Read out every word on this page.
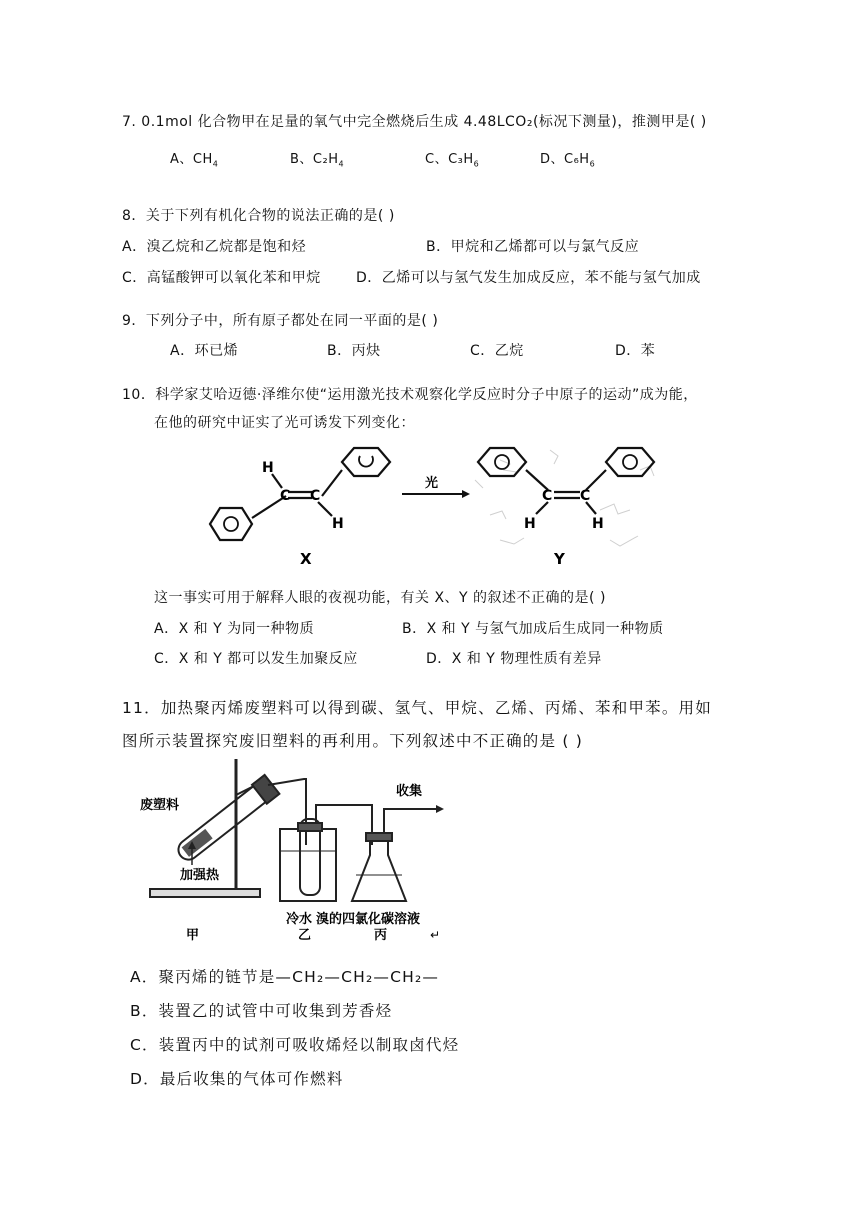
7. 0.1mol 化合物甲在足量的氧气中完全燃烧后生成 4.48LCO₂(标况下测量)，推测甲是( )
A、$CH_4$	B、$C_2H_4$	C、$C_3H_6$	D、$C_6H_6$
8．关于下列有机化合物的说法正确的是( )
A．溴乙烷和乙烷都是饱和烃	B．甲烷和乙烯都可以与氯气反应
C．高锰酸钾可以氧化苯和甲烷	D．乙烯可以与氢气发生加成反应，苯不能与氢气加成
9．下列分子中，所有原子都处在同一平面的是( )
A．环已烯	B．丙炔	C．乙烷	D．苯
10．科学家艾哈迈德·泽维尔使“运用激光技术观察化学反应时分子中原子的运动”成为能，
在他的研究中证实了光可诱发下列变化：
H
C C
H
X
光
C C
H	H
Y
这一事实可用于解释人眼的夜视功能，有关 X、Y 的叙述不正确的是( )
A．X 和 Y 为同一种物质	B．X 和 Y 与氢气加成后生成同一种物质
C．X 和 Y 都可以发生加聚反应	D．X 和 Y 物理性质有差异
11．加热聚丙烯废塑料可以得到碳、氢气、甲烷、乙烯、丙烯、苯和甲苯。用如
图所示装置探究废旧塑料的再利用。下列叙述中不正确的是 ( )
废塑料
加强热
收集
冷水 溴的四氯化碳溶液
甲	乙	丙	↵
A．聚丙烯的链节是—CH₂—CH₂—CH₂—
B．装置乙的试管中可收集到芳香烃
C．装置丙中的试剂可吸收烯烃以制取卤代烃
D．最后收集的气体可作燃料
